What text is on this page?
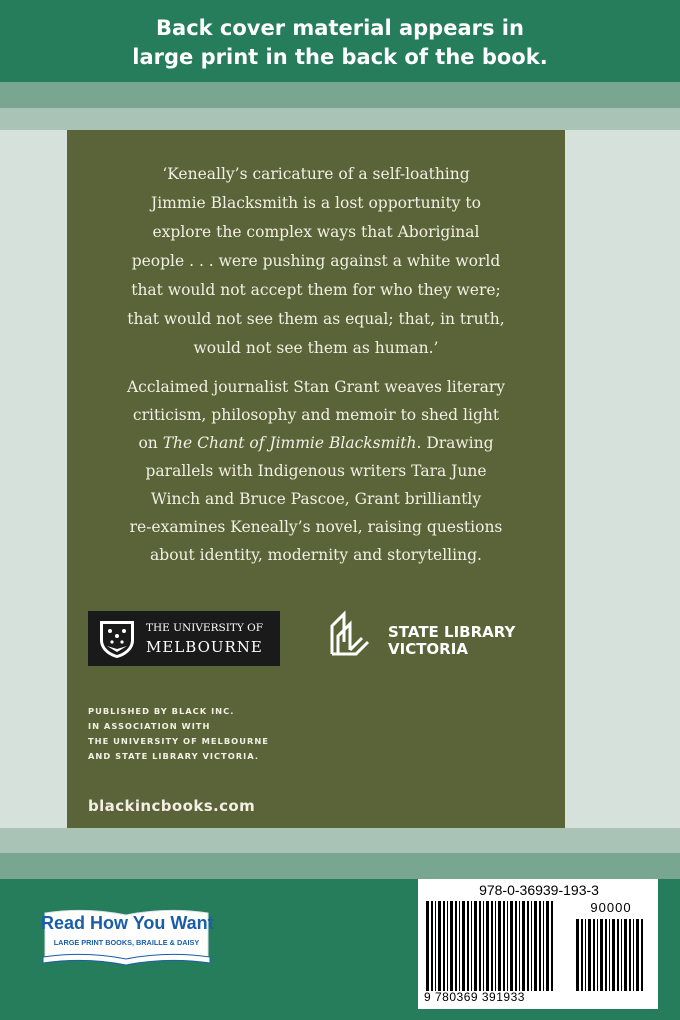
Back cover material appears in
large print in the back of the book.
‘Keneally’s caricature of a self-loathing
Jimmie Blacksmith is a lost opportunity to
explore the complex ways that Aboriginal
people . . . were pushing against a white world
that would not accept them for who they were;
that would not see them as equal; that, in truth,
would not see them as human.’
Acclaimed journalist Stan Grant weaves literary
criticism, philosophy and memoir to shed light
on The Chant of Jimmie Blacksmith. Drawing
parallels with Indigenous writers Tara June
Winch and Bruce Pascoe, Grant brilliantly
re-examines Keneally’s novel, raising questions
about identity, modernity and storytelling.
THE UNIVERSITY OF
MELBOURNE
STATE LIBRARY
VICTORIA
PUBLISHED BY BLACK INC.
IN ASSOCIATION WITH
THE UNIVERSITY OF MELBOURNE
AND STATE LIBRARY VICTORIA.
blackincbooks.com
Read How You Want
LARGE PRINT BOOKS, BRAILLE & DAISY
978-0-36939-193-3
90000
9 780369 391933
